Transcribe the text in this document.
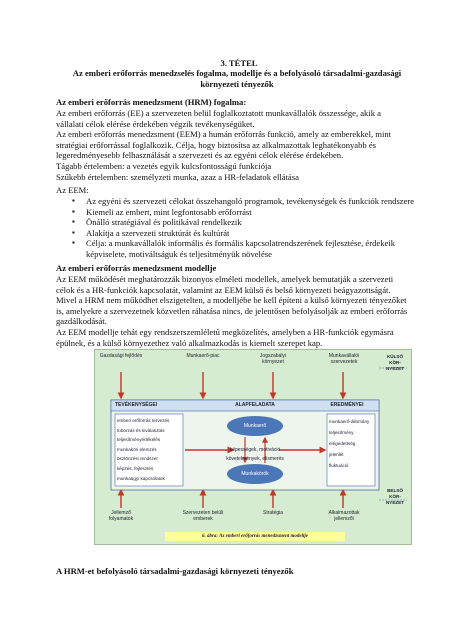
3. TÉTEL
Az emberi erőforrás menedzselés fogalma, modellje és a befolyásoló társadalmi-gazdasági
környezeti tényezők
Az emberi erőforrás menedzsment (HRM) fogalma:
Az emberi erőforrás (EE) a szervezeten belül foglalkoztatott munkavállalók összessége, akik a
vállalati célok elérése érdekében végzik tevékenységüket.
Az emberi erőforrás menedzsment (EEM) a humán erőforrás funkció, amely az emberekkel, mint
stratégiai erőforrással foglalkozik. Célja, hogy biztosítsa az alkalmazottak leghatékonyabb és
legeredményesebb felhasználását a szervezeti és az egyéni célok elérése érdekében.
Tágabb értelemben: a vezetés egyik kulcsfontosságú funkciója
Szűkebb értelemben: személyzeti munka, azaz a HR-feladatok ellátása
Az EEM:
▪ Az egyéni és szervezeti célokat összehangoló programok, tevékenységek és funkciók rendszere
▪ Kiemeli az embert, mint legfontosabb erőforrást
▪ Önálló stratégiával és politikával rendelkezik
▪ Alakítja a szervezeti struktúrát és kultúrát
▪ Célja: a munkavállalók informális és formális kapcsolatrendszerének fejlesztése, érdekeik képviselete, motiváltságuk és teljesítményük növelése
Az emberi erőforrás menedzsment modellje
Az EEM működését meghatározzák bizonyos elméleti modellek, amelyek bemutatják a szervezeti
célok és a HR-funkciók kapcsolatát, valamint az EEM külső és belső környezeti beágyazottságát.
Mivel a HRM nem működhet elszigetelten, a modelljébe be kell építeni a külső környezeti tényezőket
is, amelyekre a szervezetnek közvetlen ráhatása nincs, de jelentősen befolyásolják az emberi erőforrás
gazdálkodását.
Az EEM modellje tehát egy rendszerszemléletű megközelítés, amelyben a HR-funkciók egymásra
épülnek, és a külső környezethez való alkalmazkodás is kiemelt szerepet kap.
Gazdasági fejlődés	Munkaerő-piac	Jogszabályi környezet
Munkavállalói szervezetek
KÜLSŐ KÖR-NYEZET
TEVÉKENYSÉGEI	ALAPFELADATA	EREDMÉNYEI
emberi erőforrás tervezés
toborzás és kiválasztás
teljesítményértékelés
munkaköri elemzés
ösztönzési rendszer
képzés, fejlesztés
munkaügyi kapcsolatok
Munkaerő
képességek, motiváció
követelmények, elismerés
Munkakörök
munkaerő-állomány
teljesítmény
elégedettség
jelenlét
fluktuáció
Jellemző folyamatok
Szervezeten belüli emberek
Stratégia	Alkalmazottak jellemzői
BELSŐ KÖR-NYEZET
6. ábra: Az emberi erőforrás menedzsment modellje
A HRM-et befolyásoló társadalmi-gazdasági környezeti tényezők
